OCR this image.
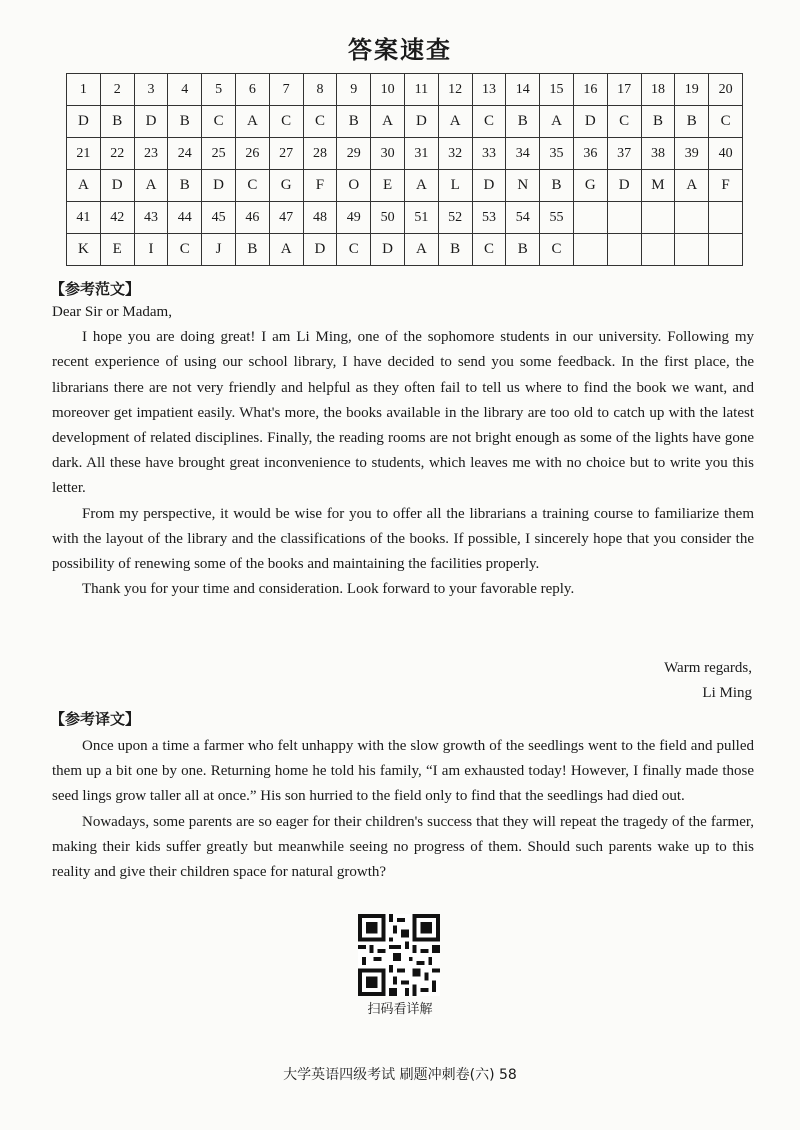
答案速查
1	2	3	4	5	6	7	8	9	10	11	12	13	14	15	16	17	18	19	20
D	B	D	B	C	A	C	C	B	A	D	A	C	B	A	D	C	B	B	C
21	22	23	24	25	26	27	28	29	30	31	32	33	34	35	36	37	38	39	40
A	D	A	B	D	C	G	F	O	E	A	L	D	N	B	G	D	M	A	F
41	42	43	44	45	46	47	48	49	50	51	52	53	54	55					
K	E	I	C	J	B	A	D	C	D	A	B	C	B	C					
【参考范文】

Dear Sir or Madam,

I hope you are doing great! I am Li Ming, one of the sophomore students in our university. Following my recent experience of using our school library, I have decided to send you some feedback. In the first place, the librarians there are not very friendly and helpful as they often fail to tell us where to find the book we want, and moreover get impatient easily. What's more, the books available in the library are too old to catch up with the latest development of related disciplines. Finally, the reading rooms are not bright enough as some of the lights have gone dark. All these have brought great inconvenience to students, which leaves me with no choice but to write you this letter.

From my perspective, it would be wise for you to offer all the librarians a training course to familiarize them with the layout of the library and the classifications of the books. If possible, I sincerely hope that you consider the possibility of renewing some of the books and maintaining the facilities properly.

Thank you for your time and consideration. Look forward to your favorable reply.

Warm regards,
Li Ming
【参考译文】

Once upon a time a farmer who felt unhappy with the slow growth of the seedlings went to the field and pulled them up a bit one by one. Returning home he told his family, “I am exhausted today! However, I finally made those seed lings grow taller all at once.” His son hurried to the field only to find that the seedlings had died out.

Nowadays, some parents are so eager for their children's success that they will repeat the tragedy of the farmer, making their kids suffer greatly but meanwhile seeing no progress of them. Should such parents wake up to this reality and give their children space for natural growth?

扫码看详解
大学英语四级考试 刷题冲刺卷(六) 58
